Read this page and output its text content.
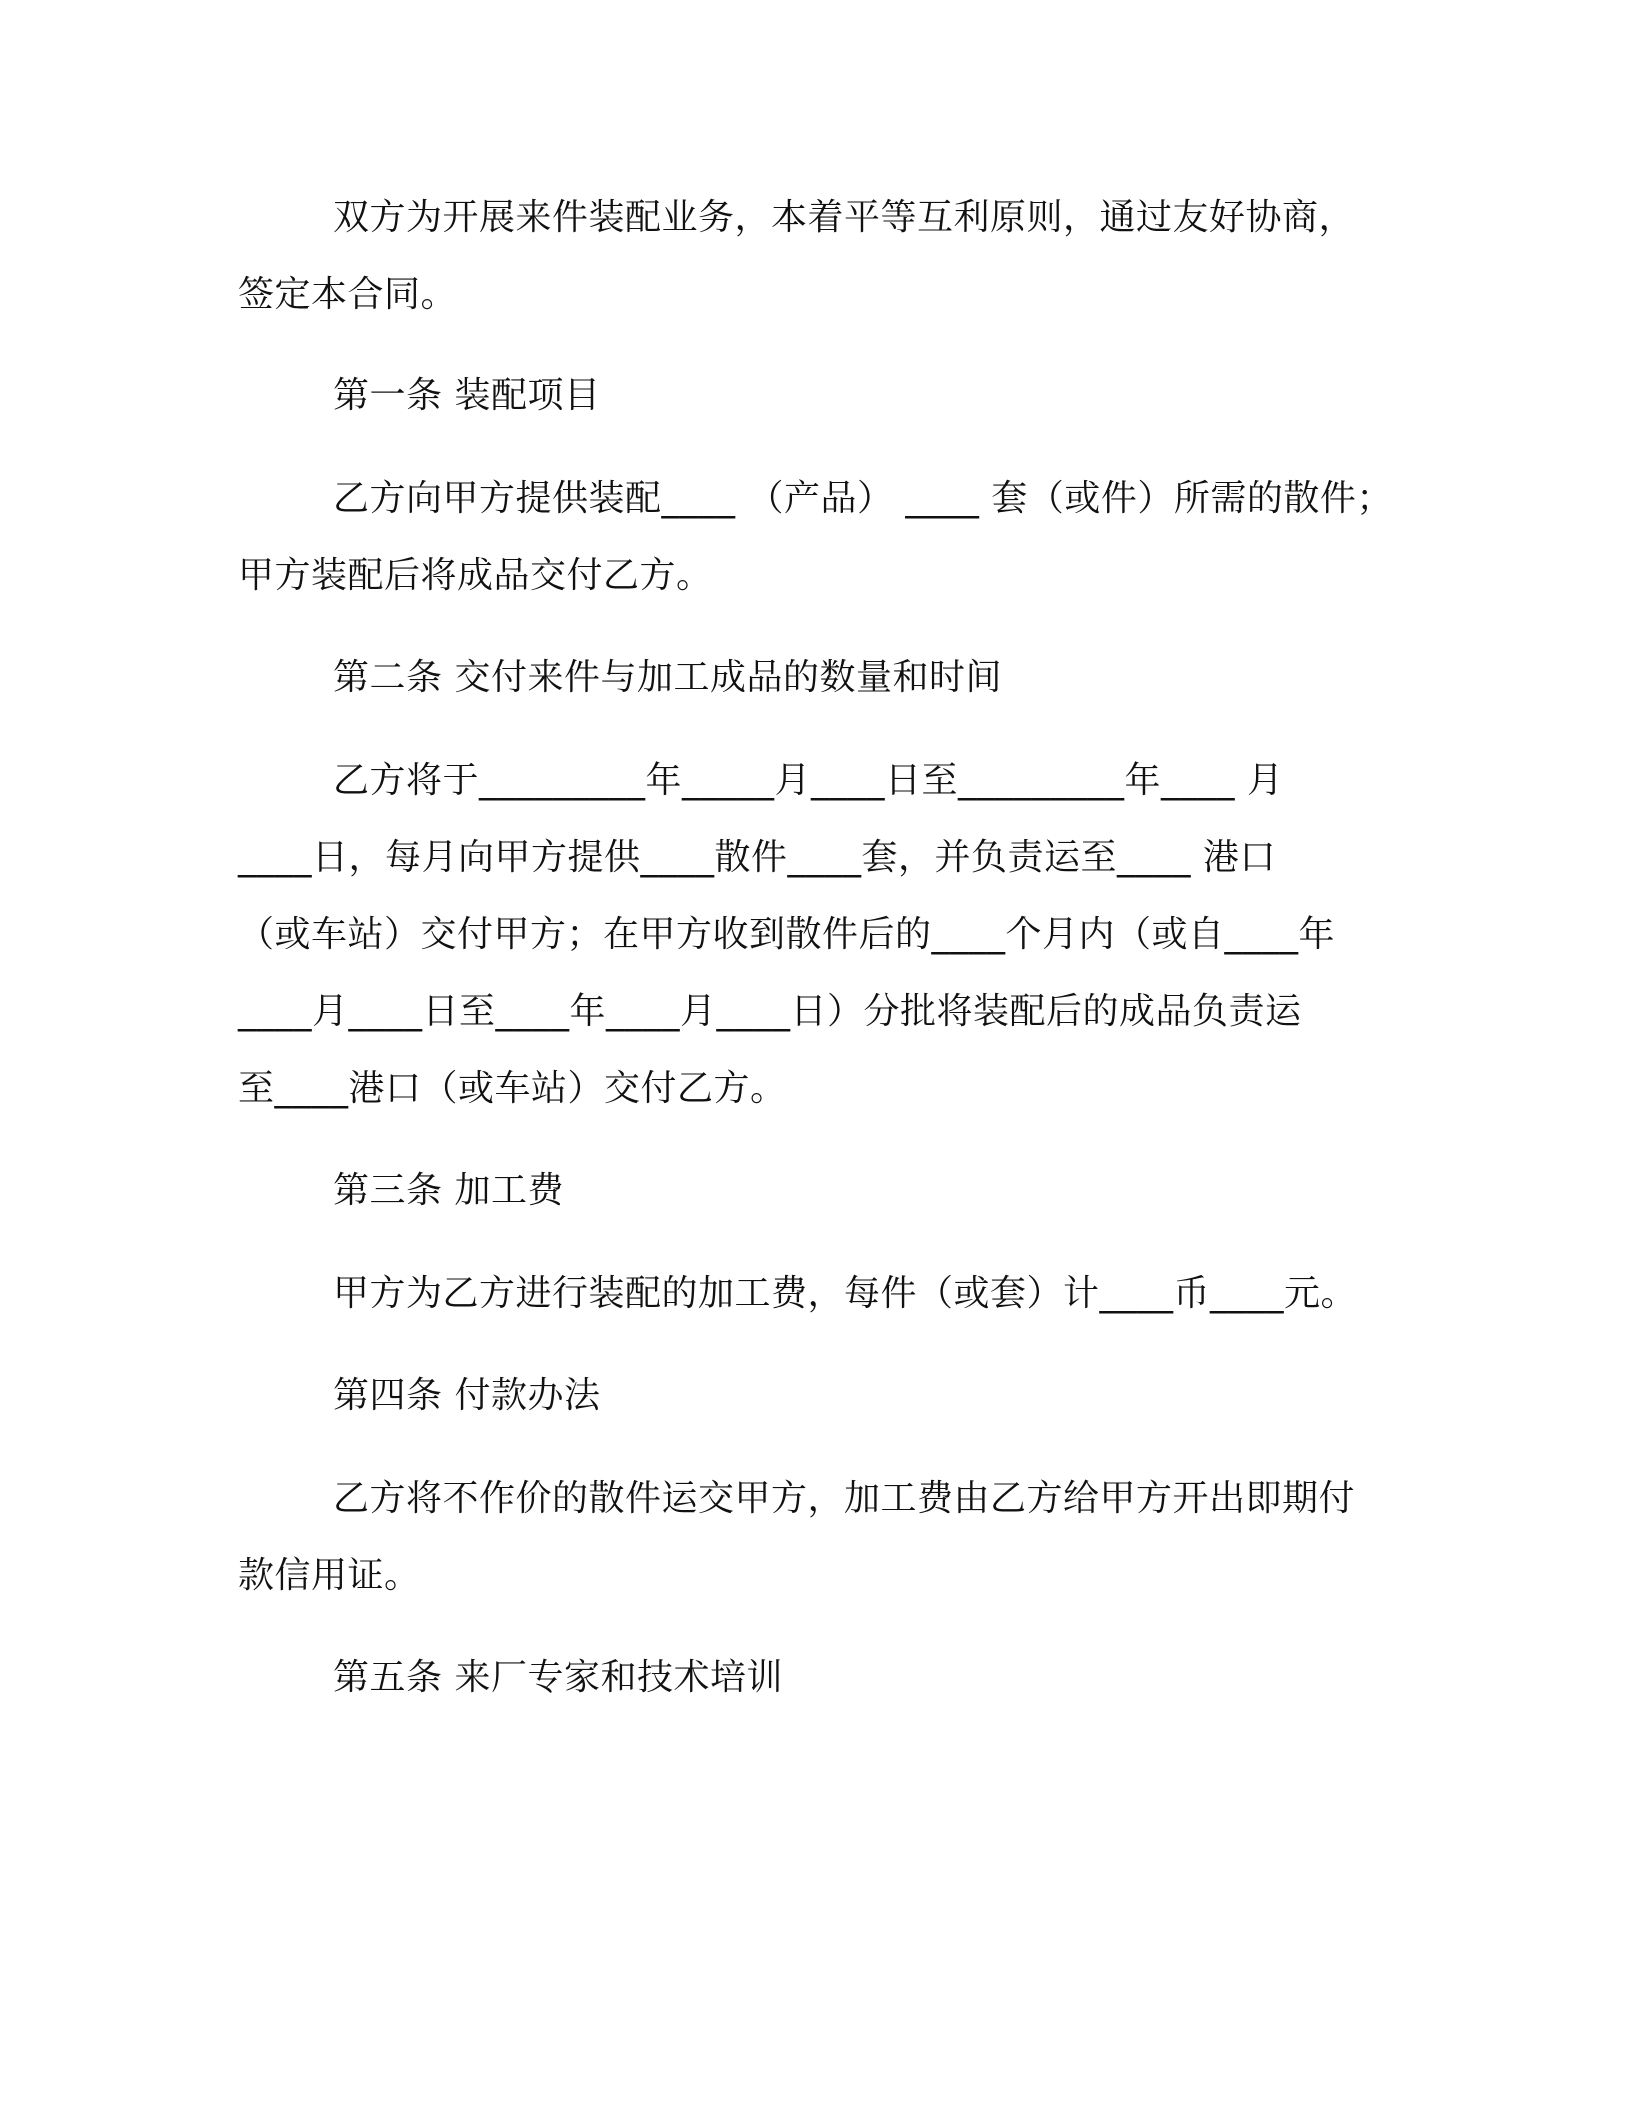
双方为开展来件装配业务，本着平等互利原则，通过友好协商，
签定本合同。
第一条 装配项目
乙方向甲方提供装配____ （产品） ____ 套（或件）所需的散件；
甲方装配后将成品交付乙方。
第二条 交付来件与加工成品的数量和时间
乙方将于_________年_____月____日至_________年____ 月
____日，每月向甲方提供____散件____套，并负责运至____ 港口
（或车站）交付甲方；在甲方收到散件后的____个月内（或自____年
____月____日至____年____月____日）分批将装配后的成品负责运
至____港口（或车站）交付乙方。
第三条 加工费
甲方为乙方进行装配的加工费，每件（或套）计____币____元。
第四条 付款办法
乙方将不作价的散件运交甲方，加工费由乙方给甲方开出即期付
款信用证。
第五条 来厂专家和技术培训
